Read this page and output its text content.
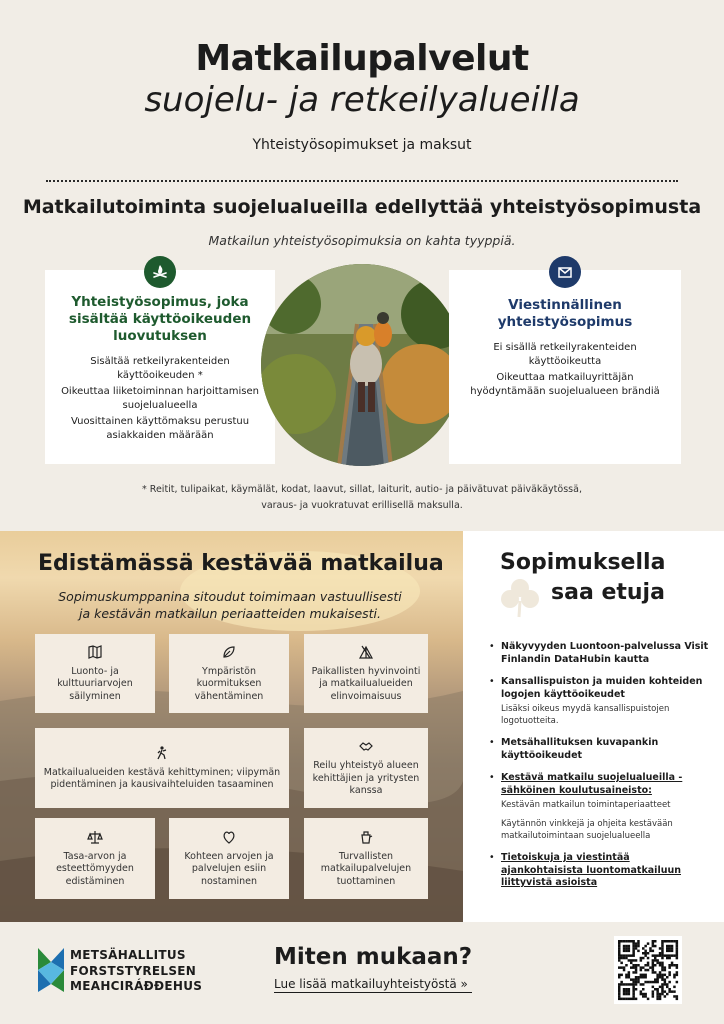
Matkailupalvelut
suojelu- ja retkeilyalueilla
Yhteistyösopimukset ja maksut
Matkailutoiminta suojelualueilla edellyttää yhteistyösopimusta
Matkailun yhteistyösopimuksia on kahta tyyppiä.
Yhteistyösopimus, joka sisältää käyttöoikeuden luovutuksen
Sisältää retkeilyrakenteiden käyttöoikeuden *
Oikeuttaa liiketoiminnan harjoittamisen suojelualueella
Vuosittainen käyttömaksu perustuu asiakkaiden määrään
Viestinnällinen yhteistyösopimus
Ei sisällä retkeilyrakenteiden käyttöoikeutta
Oikeuttaa matkailuyrittäjän hyödyntämään suojelualueen brändiä
* Reitit, tulipaikat, käymälät, kodat, laavut, sillat, laiturit, autio- ja päivätuvat päiväkäytössä,
varaus- ja vuokratuvat erillisellä maksulla.
Edistämässä kestävää matkailua
Sopimuskumppanina sitoudut toimimaan vastuullisesti
ja kestävän matkailun periaatteiden mukaisesti.
Luonto- ja kulttuuriarvojen säilyminen
Ympäristön kuormituksen vähentäminen
Paikallisten hyvinvointi ja matkailualueiden elinvoimaisuus
Matkailualueiden kestävä kehittyminen; viipymän pidentäminen ja kausivaihteluiden tasaaminen
Reilu yhteistyö alueen kehittäjien ja yritysten kanssa
Tasa-arvon ja esteettömyyden edistäminen
Kohteen arvojen ja palvelujen esiin nostaminen
Turvallisten matkailupalvelujen tuottaminen
Sopimuksella
saa etuja
• Näkyvyyden Luontoon-palvelussa Visit Finlandin DataHubin kautta
• Kansallispuiston ja muiden kohteiden logojen käyttöoikeudet
Lisäksi oikeus myydä kansallispuistojen logotuotteita.
• Metsähallituksen kuvapankin käyttöoikeudet
• Kestävä matkailu suojelualueilla -sähköinen koulutusaineisto:
Kestävän matkailun toimintaperiaatteet
Käytännön vinkkejä ja ohjeita kestävään matkailutoimintaan suojelualueella
• Tietoiskuja ja viestintää ajankohtaisista luontomatkailuun liittyvistä asioista
METSÄHALLITUS
FORSTSTYRELSEN
MEAHCIRÁÐĐEHUS
Miten mukaan?
Lue lisää matkailuyhteistyöstä »
